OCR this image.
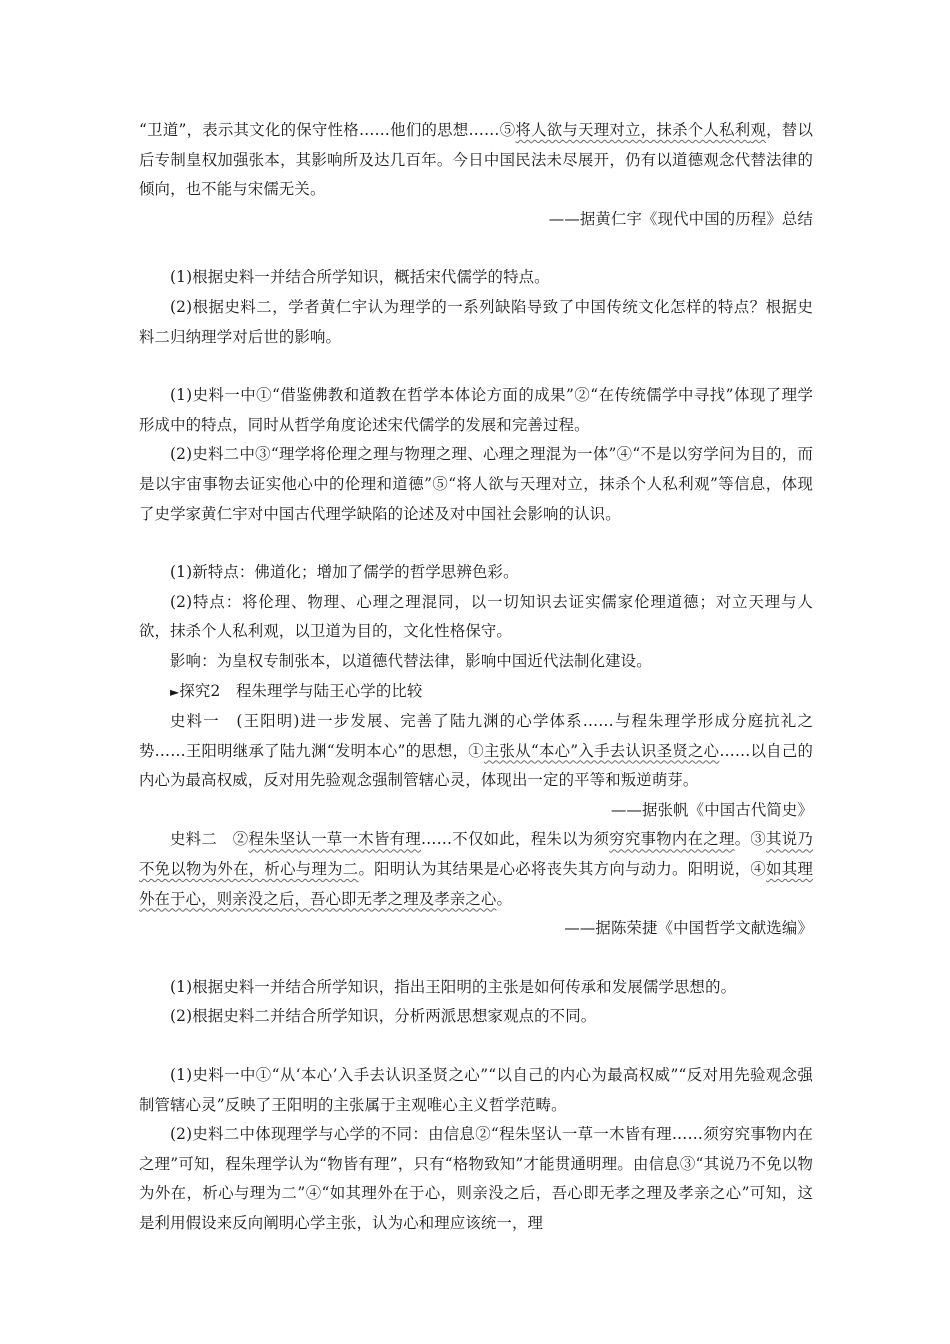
“卫道”，表示其文化的保守性格……他们的思想……⑤将人欲与天理对立，抹杀个人私利观，替以后专制皇权加强张本，其影响所及达几百年。今日中国民法未尽展开，仍有以道德观念代替法律的倾向，也不能与宋儒无关。

——据黄仁宇《现代中国的历程》总结

(1)根据史料一并结合所学知识，概括宋代儒学的特点。

(2)根据史料二，学者黄仁宇认为理学的一系列缺陷导致了中国传统文化怎样的特点？根据史料二归纳理学对后世的影响。

(1)史料一中①“借鉴佛教和道教在哲学本体论方面的成果”②“在传统儒学中寻找”体现了理学形成中的特点，同时从哲学角度论述宋代儒学的发展和完善过程。

(2)史料二中③“理学将伦理之理与物理之理、心理之理混为一体”④“不是以穷学问为目的，而是以宇宙事物去证实他心中的伦理和道德”⑤“将人欲与天理对立，抹杀个人私利观”等信息，体现了史学家黄仁宇对中国古代理学缺陷的论述及对中国社会影响的认识。

(1)新特点：佛道化；增加了儒学的哲学思辨色彩。

(2)特点：将伦理、物理、心理之理混同，以一切知识去证实儒家伦理道德；对立天理与人欲，抹杀个人私利观，以卫道为目的，文化性格保守。

影响：为皇权专制张本，以道德代替法律，影响中国近代法制化建设。

►探究2　程朱理学与陆王心学的比较

史料一　(王阳明)进一步发展、完善了陆九渊的心学体系……与程朱理学形成分庭抗礼之势……王阳明继承了陆九渊“发明本心”的思想，①主张从“本心”入手去认识圣贤之心……以自己的内心为最高权威，反对用先验观念强制管辖心灵，体现出一定的平等和叛逆萌芽。

——据张帆《中国古代简史》

史料二　②程朱坚认一草一木皆有理……不仅如此，程朱以为须穷究事物内在之理。③其说乃不免以物为外在，析心与理为二。阳明认为其结果是心必将丧失其方向与动力。阳明说，④如其理外在于心，则亲没之后，吾心即无孝之理及孝亲之心。

——据陈荣捷《中国哲学文献选编》

(1)根据史料一并结合所学知识，指出王阳明的主张是如何传承和发展儒学思想的。

(2)根据史料二并结合所学知识，分析两派思想家观点的不同。

(1)史料一中①“从‘本心’入手去认识圣贤之心”“以自己的内心为最高权威”“反对用先验观念强制管辖心灵”反映了王阳明的主张属于主观唯心主义哲学范畴。

(2)史料二中体现理学与心学的不同：由信息②“程朱坚认一草一木皆有理……须穷究事物内在之理”可知，程朱理学认为“物皆有理”，只有“格物致知”才能贯通明理。由信息③“其说乃不免以物为外在，析心与理为二”④“如其理外在于心，则亲没之后，吾心即无孝之理及孝亲之心”可知，这是利用假设来反向阐明心学主张，认为心和理应该统一，理
